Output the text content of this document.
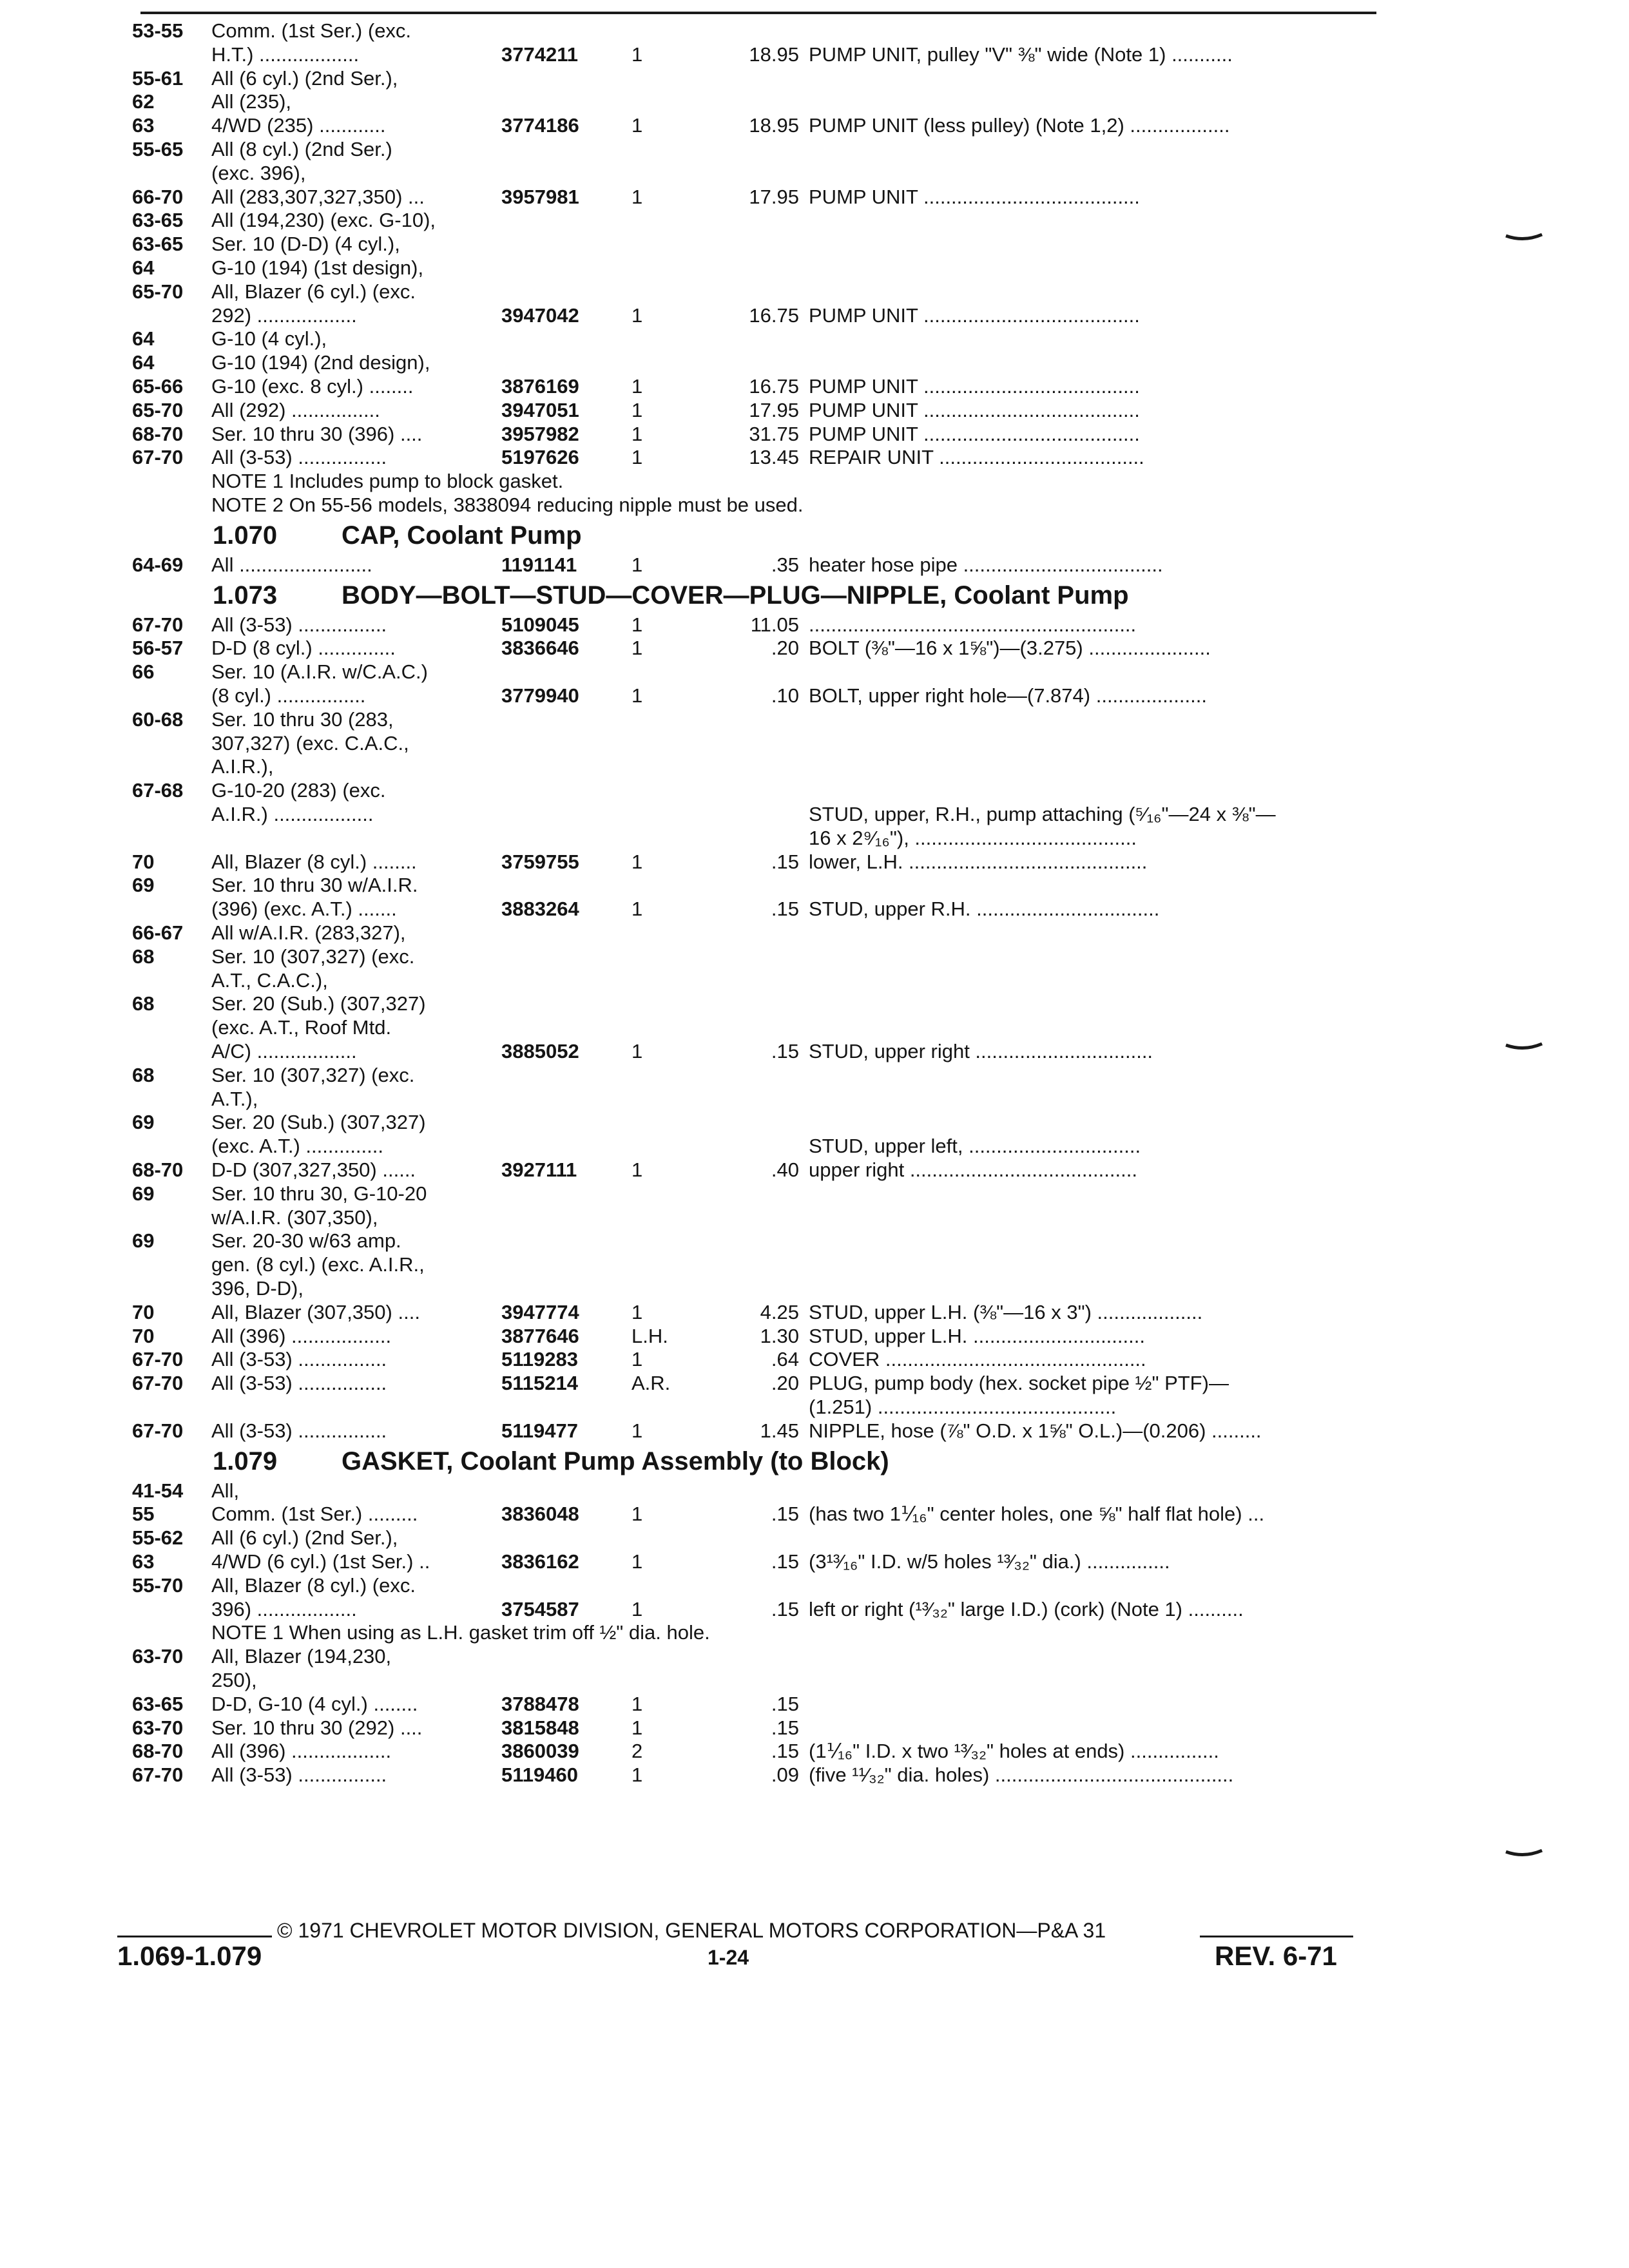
1.070 CAP, Coolant Pump
1.073 BODY—BOLT—STUD—COVER—PLUG—NIPPLE, Coolant Pump
1.079 GASKET, Coolant Pump Assembly (to Block)
53-55	Comm. (1st Ser.) (exc.
H.T.) ..................	3774211	1	18.95 PUMP UNIT, pulley "V" ⅜" wide (Note 1) ...........
55-61	All (6 cyl.) (2nd Ser.),
62	All (235),
63	4/WD (235) ............	3774186	1	18.95 PUMP UNIT (less pulley) (Note 1,2) ..................
55-65	All (8 cyl.) (2nd Ser.)
(exc. 396),
66-70	All (283,307,327,350) ...	3957981	1	17.95 PUMP UNIT .......................................
63-65	All (194,230) (exc. G-10),
63-65	Ser. 10 (D-D) (4 cyl.),
64	G-10 (194) (1st design),
65-70	All, Blazer (6 cyl.) (exc.
292) ..................	3947042	1	16.75 PUMP UNIT .......................................
64	G-10 (4 cyl.),
64	G-10 (194) (2nd design),
65-66	G-10 (exc. 8 cyl.) ........	3876169	1	16.75 PUMP UNIT .......................................
65-70	All (292) ................	3947051	1	17.95 PUMP UNIT .......................................
68-70	Ser. 10 thru 30 (396) ....	3957982	1	31.75 PUMP UNIT .......................................
67-70	All (3-53) ................	5197626	1	13.45 REPAIR UNIT .....................................
NOTE 1 Includes pump to block gasket.
NOTE 2 On 55-56 models, 3838094 reducing nipple must be used.
64-69	All ........................	1191141	1	.35 heater hose pipe ....................................
67-70	All (3-53) ................	5109045	1	11.05 ...........................................................
56-57	D-D (8 cyl.) ..............	3836646	1	.20 BOLT (⅜"—16 x 1⅝")—(3.275) ......................
66	Ser. 10 (A.I.R. w/C.A.C.)
(8 cyl.) ................	3779940	1	.10 BOLT, upper right hole—(7.874) ....................
60-68	Ser. 10 thru 30 (283,
307,327) (exc. C.A.C.,
A.I.R.),
67-68	G-10-20 (283) (exc.
A.I.R.) ..................	STUD, upper, R.H., pump attaching (⁵⁄₁₆"—24 x ⅜"—
16 x 2⁹⁄₁₆"), ........................................
70	All, Blazer (8 cyl.) ........	3759755	1	.15 lower, L.H. ...........................................
69	Ser. 10 thru 30 w/A.I.R.
(396) (exc. A.T.) .......	3883264	1	.15 STUD, upper R.H. .................................
66-67	All w/A.I.R. (283,327),
68	Ser. 10 (307,327) (exc.
A.T., C.A.C.),
68	Ser. 20 (Sub.) (307,327)
(exc. A.T., Roof Mtd.
A/C) ..................	3885052	1	.15 STUD, upper right ................................
68	Ser. 10 (307,327) (exc.
A.T.),
69	Ser. 20 (Sub.) (307,327)
(exc. A.T.) ..............	STUD, upper left, ...............................
68-70	D-D (307,327,350) ......	3927111	1	.40 upper right .........................................
69	Ser. 10 thru 30, G-10-20
w/A.I.R. (307,350),
69	Ser. 20-30 w/63 amp.
gen. (8 cyl.) (exc. A.I.R.,
396, D-D),
70	All, Blazer (307,350) ....	3947774	1	4.25 STUD, upper L.H. (⅜"—16 x 3") ...................
70	All (396) ..................	3877646	L.H.	1.30 STUD, upper L.H. ...............................
67-70	All (3-53) ................	5119283	1	.64 COVER ...............................................
67-70	All (3-53) ................	5115214	A.R.	.20 PLUG, pump body (hex. socket pipe ½" PTF)—
(1.251) ...........................................
67-70	All (3-53) ................	5119477	1	1.45 NIPPLE, hose (⅞" O.D. x 1⅝" O.L.)—(0.206) .........
41-54	All,
55	Comm. (1st Ser.) .........	3836048	1	.15 (has two 1⅟₁₆" center holes, one ⅝" half flat hole) ...
55-62	All (6 cyl.) (2nd Ser.),
63	4/WD (6 cyl.) (1st Ser.) ..	3836162	1	.15 (3¹³⁄₁₆" I.D. w/5 holes ¹³⁄₃₂" dia.) ...............
55-70	All, Blazer (8 cyl.) (exc.
396) ..................	3754587	1	.15 left or right (¹³⁄₃₂" large I.D.) (cork) (Note 1) ..........
NOTE 1 When using as L.H. gasket trim off ½" dia. hole.
63-70	All, Blazer (194,230,
250),
63-65	D-D, G-10 (4 cyl.) ........	3788478	1	.15
63-70	Ser. 10 thru 30 (292) ....	3815848	1	.15
68-70	All (396) ..................	3860039	2	.15 (1⅟₁₆" I.D. x two ¹³⁄₃₂" holes at ends) ................
67-70	All (3-53) ................	5119460	1	.09 (five ¹¹⁄₃₂" dia. holes) ...........................................
© 1971 CHEVROLET MOTOR DIVISION, GENERAL MOTORS CORPORATION—P&A 31
1.069-1.079	1-24	REV. 6-71
